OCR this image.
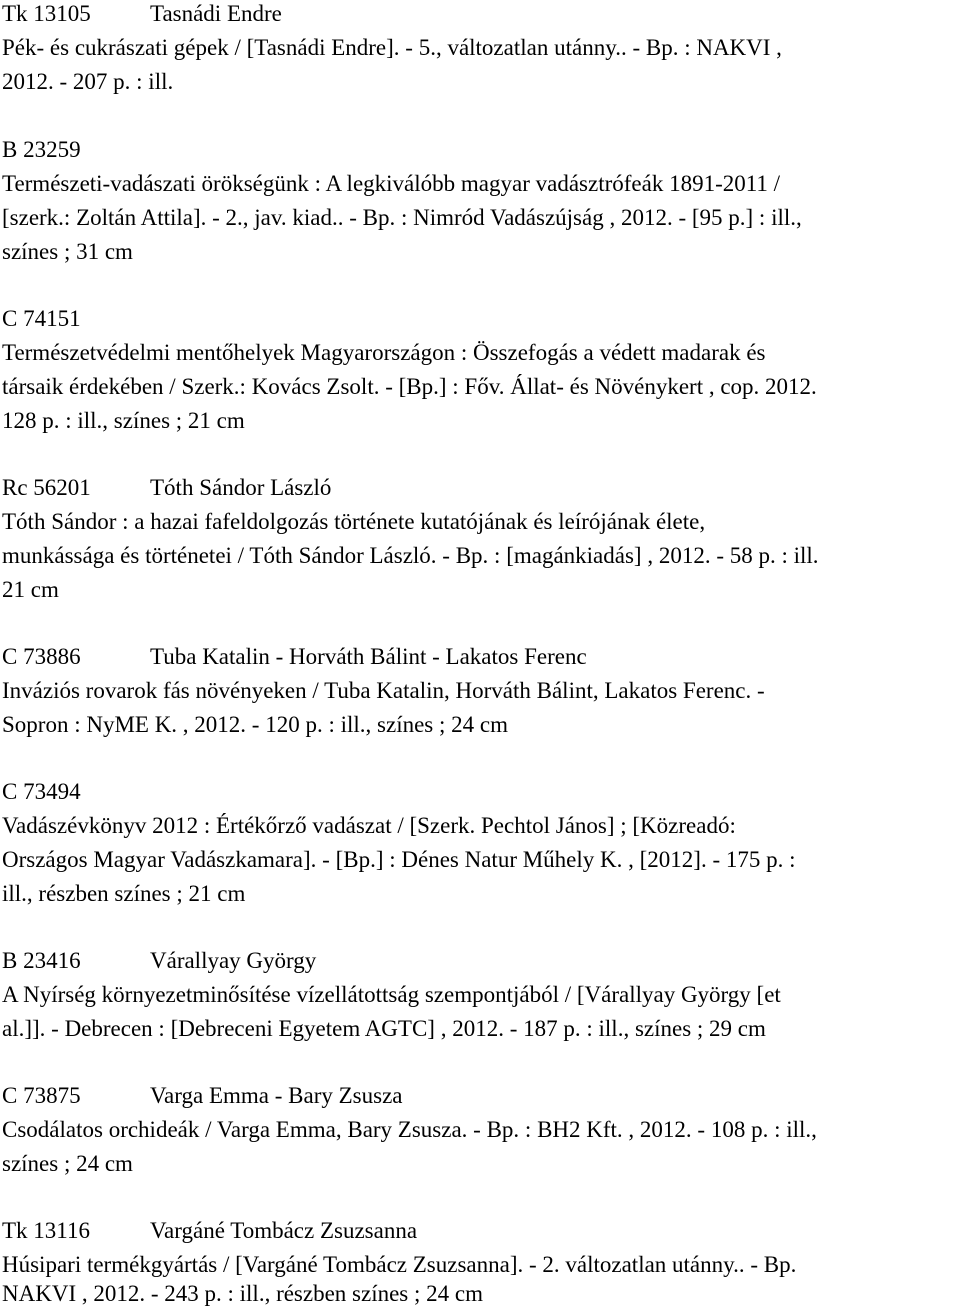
Tk 13105	Tasnádi Endre
Pék- és cukrászati gépek / [Tasnádi Endre]. - 5., változatlan utánny.. - Bp. : NAKVI ,
2012. - 207 p. : ill.
B 23259
Természeti-vadászati örökségünk : A legkiválóbb magyar vadásztrófeák 1891-2011 /
[szerk.: Zoltán Attila]. - 2., jav. kiad.. - Bp. : Nimród Vadászújság , 2012. - [95 p.] : ill.,
színes ; 31 cm
C 74151
Természetvédelmi mentőhelyek Magyarországon : Összefogás a védett madarak és
társaik érdekében / Szerk.: Kovács Zsolt. - [Bp.] : Főv. Állat- és Növénykert , cop. 2012.
128 p. : ill., színes ; 21 cm
Rc 56201	Tóth Sándor László
Tóth Sándor : a hazai fafeldolgozás története kutatójának és leírójának élete,
munkássága és történetei / Tóth Sándor László. - Bp. : [magánkiadás] , 2012. - 58 p. : ill.
21 cm
C 73886	Tuba Katalin - Horváth Bálint - Lakatos Ferenc
Inváziós rovarok fás növényeken / Tuba Katalin, Horváth Bálint, Lakatos Ferenc. -
Sopron : NyME K. , 2012. - 120 p. : ill., színes ; 24 cm
C 73494
Vadászévkönyv 2012 : Értékőrző vadászat / [Szerk. Pechtol János] ; [Közreadó:
Országos Magyar Vadászkamara]. - [Bp.] : Dénes Natur Műhely K. , [2012]. - 175 p. :
ill., részben színes ; 21 cm
B 23416	Várallyay György
A Nyírség környezetminősítése vízellátottság szempontjából / [Várallyay György [et
al.]]. - Debrecen : [Debreceni Egyetem AGTC] , 2012. - 187 p. : ill., színes ; 29 cm
C 73875	Varga Emma - Bary Zsusza
Csodálatos orchideák / Varga Emma, Bary Zsusza. - Bp. : BH2 Kft. , 2012. - 108 p. : ill.,
színes ; 24 cm
Tk 13116	Vargáné Tombácz Zsuzsanna
Húsipari termékgyártás / [Vargáné Tombácz Zsuzsanna]. - 2. változatlan utánny.. - Bp.
NAKVI , 2012. - 243 p. : ill., részben színes ; 24 cm
